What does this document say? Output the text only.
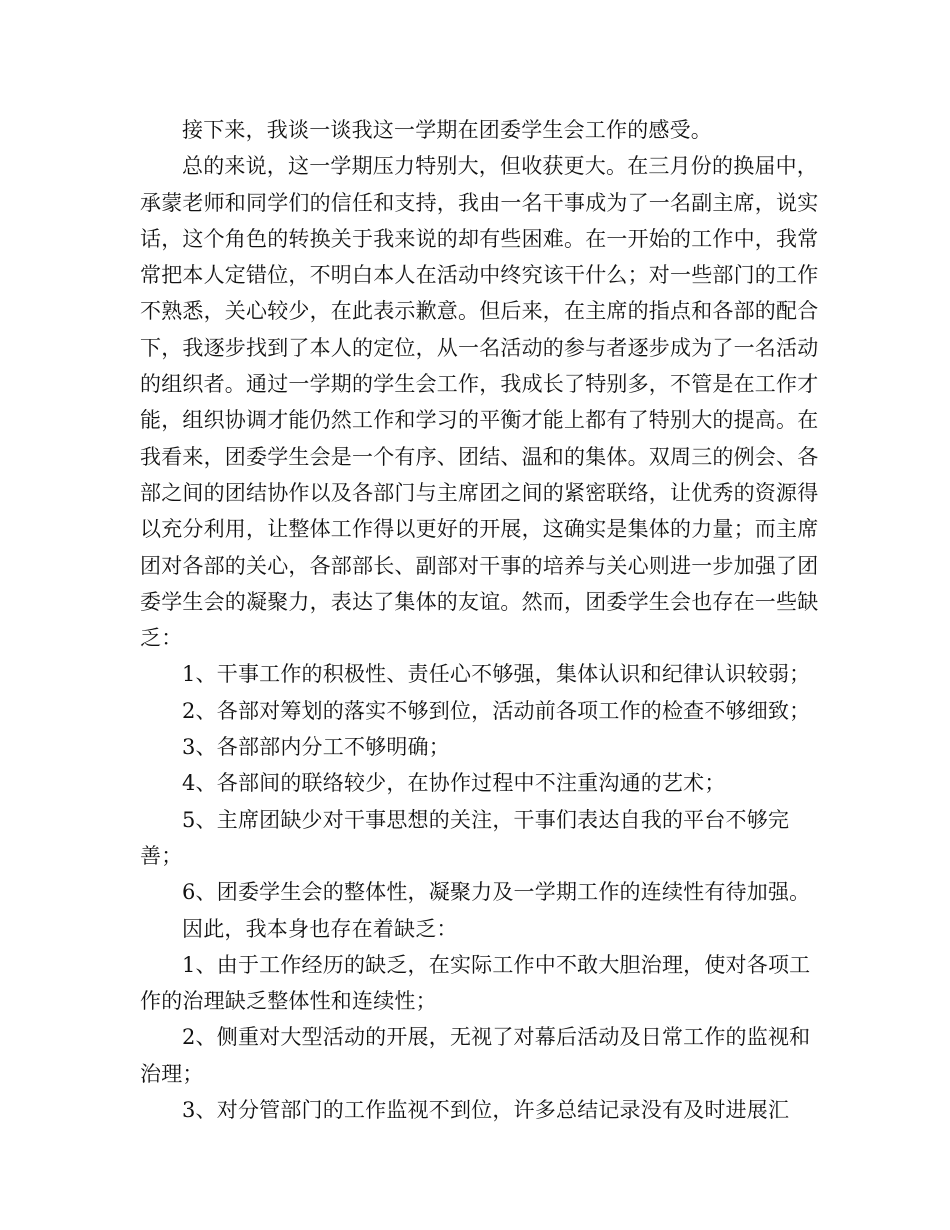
接下来，我谈一谈我这一学期在团委学生会工作的感受。

总的来说，这一学期压力特别大，但收获更大。在三月份的换届中，承蒙老师和同学们的信任和支持，我由一名干事成为了一名副主席，说实话，这个角色的转换关于我来说的却有些困难。在一开始的工作中，我常常把本人定错位，不明白本人在活动中终究该干什么；对一些部门的工作不熟悉，关心较少，在此表示歉意。但后来，在主席的指点和各部的配合下，我逐步找到了本人的定位，从一名活动的参与者逐步成为了一名活动的组织者。通过一学期的学生会工作，我成长了特别多，不管是在工作才能，组织协调才能仍然工作和学习的平衡才能上都有了特别大的提高。在我看来，团委学生会是一个有序、团结、温和的集体。双周三的例会、各部之间的团结协作以及各部门与主席团之间的紧密联络，让优秀的资源得以充分利用，让整体工作得以更好的开展，这确实是集体的力量；而主席团对各部的关心，各部部长、副部对干事的培养与关心则进一步加强了团委学生会的凝聚力，表达了集体的友谊。然而，团委学生会也存在一些缺乏：

1、干事工作的积极性、责任心不够强，集体认识和纪律认识较弱；

2、各部对筹划的落实不够到位，活动前各项工作的检查不够细致；

3、各部部内分工不够明确；

4、各部间的联络较少，在协作过程中不注重沟通的艺术；

5、主席团缺少对干事思想的关注，干事们表达自我的平台不够完善；

6、团委学生会的整体性，凝聚力及一学期工作的连续性有待加强。

因此，我本身也存在着缺乏：

1、由于工作经历的缺乏，在实际工作中不敢大胆治理，使对各项工作的治理缺乏整体性和连续性；

2、侧重对大型活动的开展，无视了对幕后活动及日常工作的监视和治理；

3、对分管部门的工作监视不到位，许多总结记录没有及时进展汇
